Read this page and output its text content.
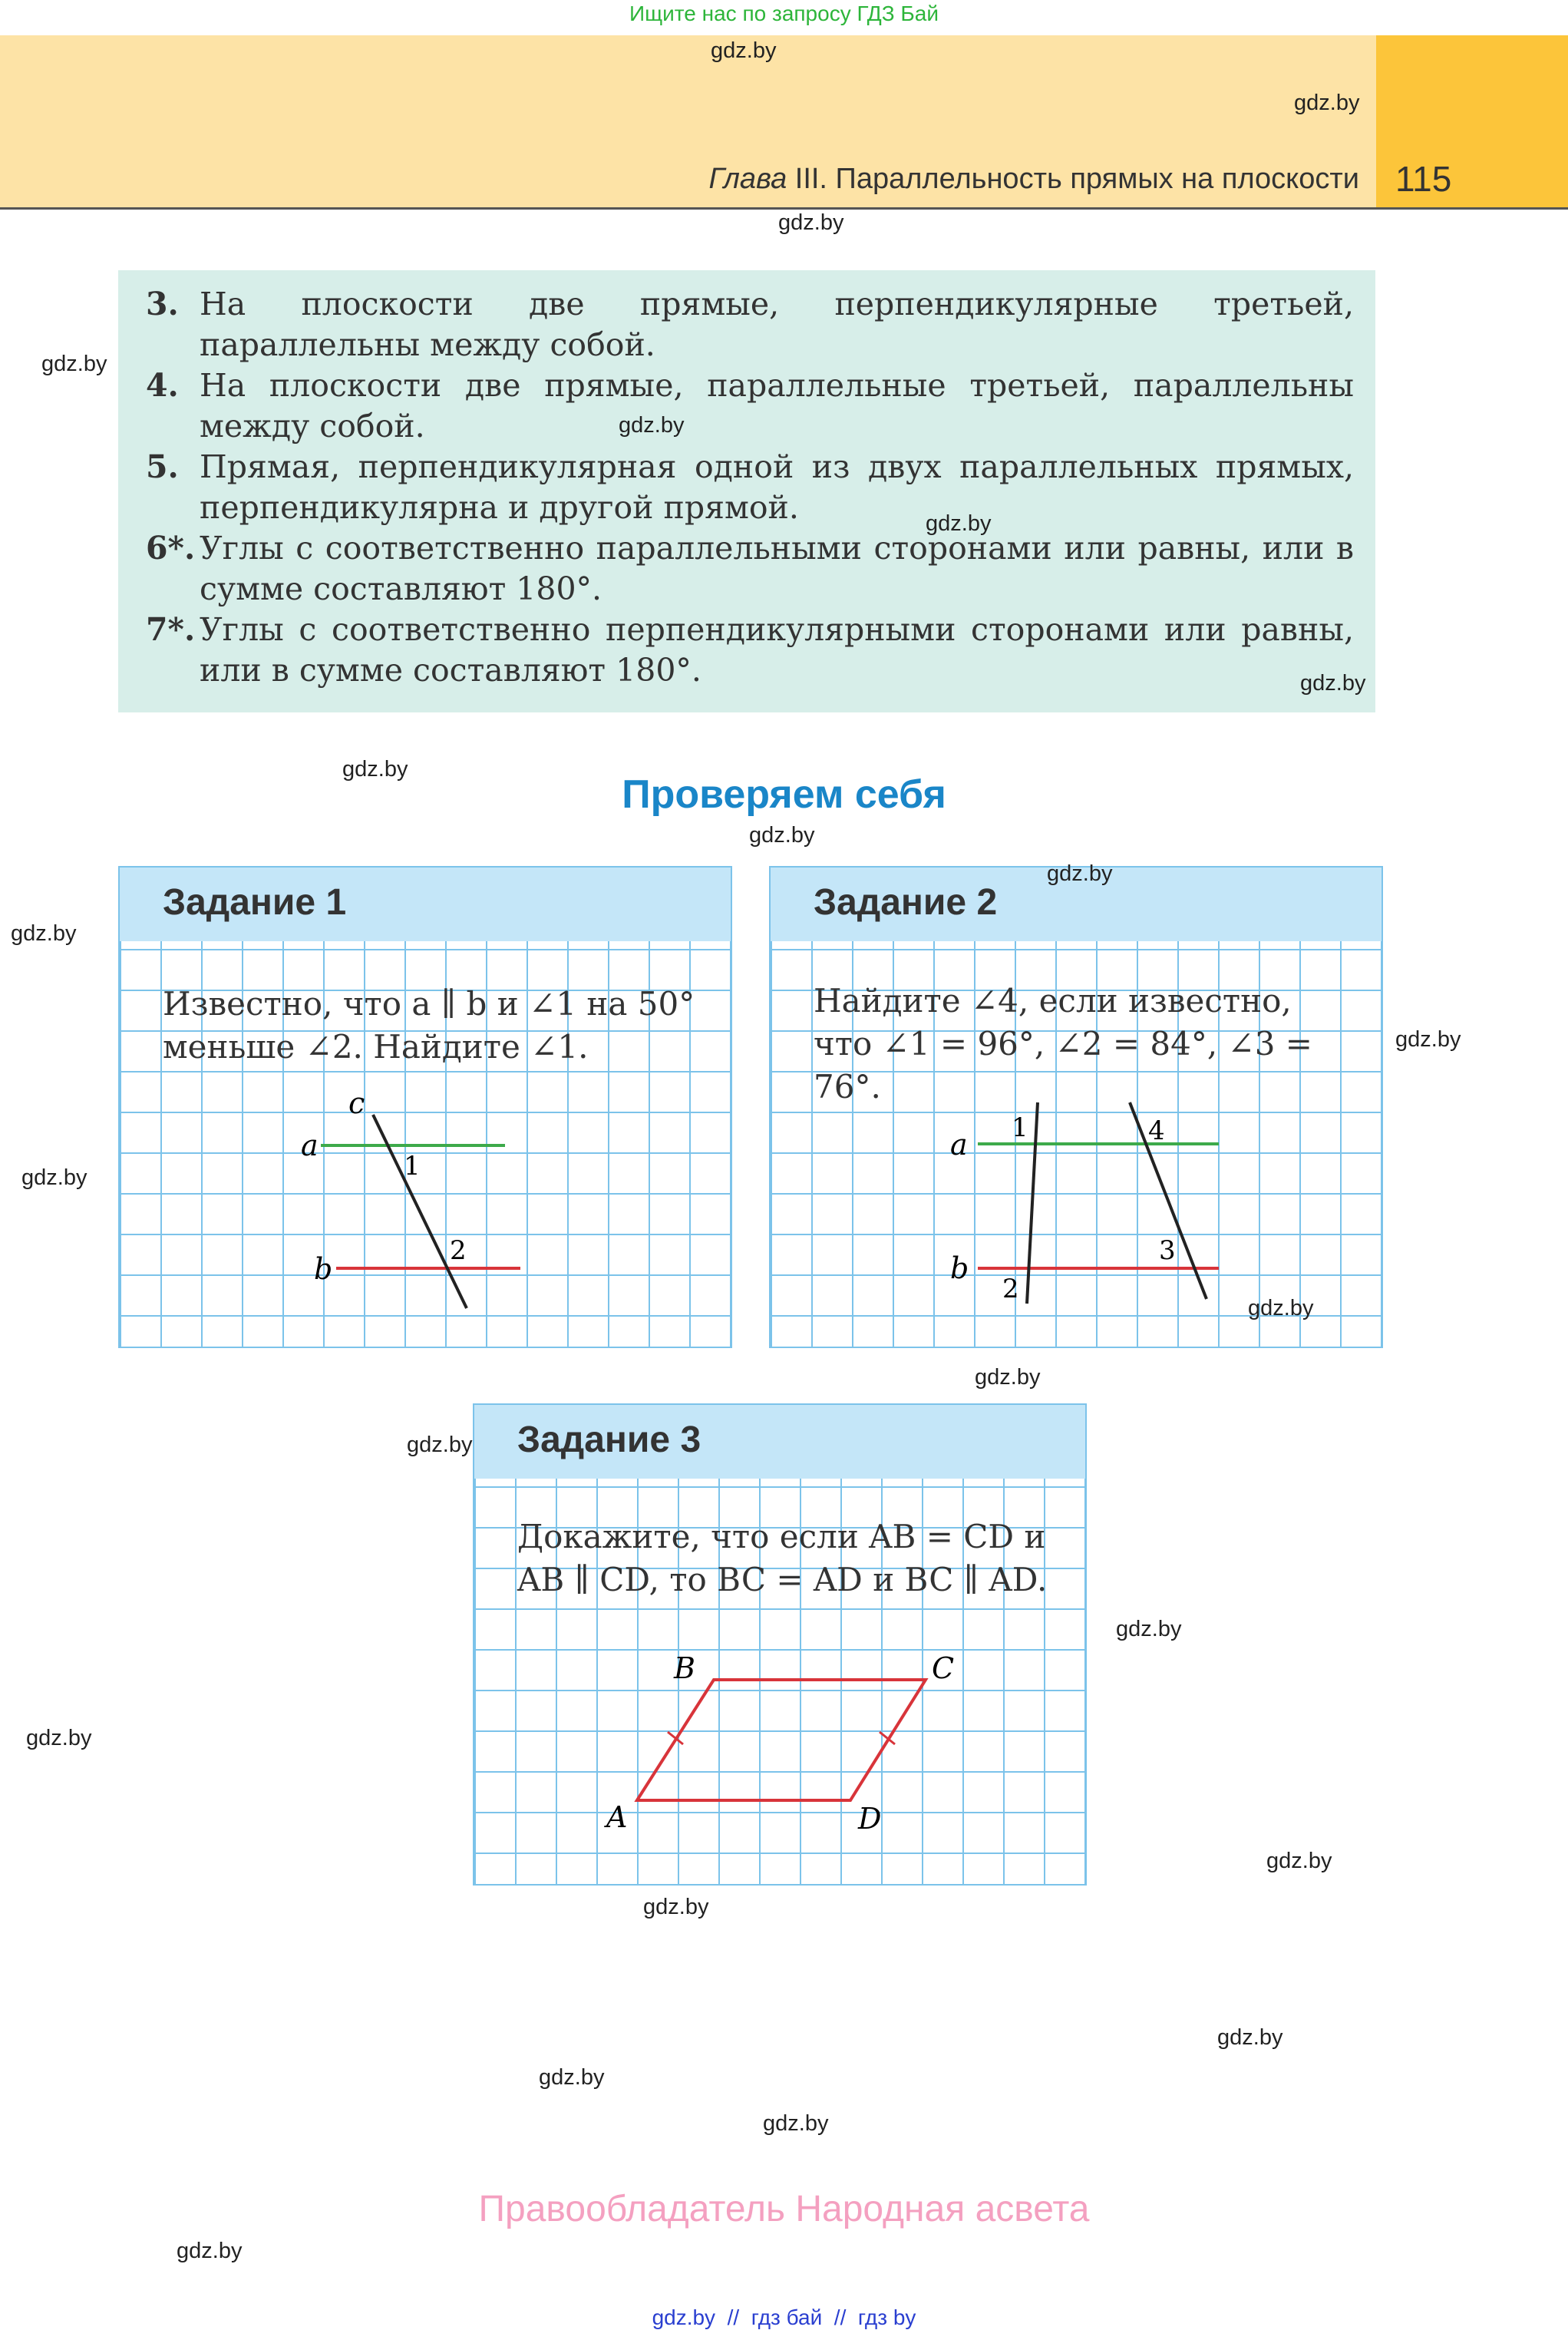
Ищите нас по запросу ГДЗ Бай
Глава III. Параллельность прямых на плоскости 115
3. На плоскости две прямые, перпендикулярные третьей, параллельны между собой.
4. На плоскости две прямые, параллельные третьей, параллельны между собой.
5. Прямая, перпендикулярная одной из двух параллельных прямых, перпендикулярна и другой прямой.
6*. Углы с соответственно параллельными сторонами или равны, или в сумме составляют 180°.
7*. Углы с соответственно перпендикулярными сторонами или равны, или в сумме составляют 180°.
Проверяем себя
Задание 1
Известно, что a ∥ b и ∠1 на 50° меньше ∠2. Найдите ∠1.
c
a
b
1
2
Задание 2
Найдите ∠4, если известно, что ∠1 = 96°, ∠2 = 84°, ∠3 = 76°.
a
b
1
2
3
4
Задание 3
Докажите, что если AB = CD и AB ∥ CD, то BC = AD и BC ∥ AD.
A
B	C
D
gdz.by
gdz.by
gdz.by
gdz.by
gdz.by
gdz.by
gdz.by
gdz.by
gdz.by
gdz.by
gdz.by
gdz.by
gdz.by
gdz.by
gdz.by
gdz.by
gdz.by
gdz.by
gdz.by
gdz.by
gdz.by
gdz.by
gdz.by
gdz.by
Правообладатель Народная асвета
gdz.by  //  гдз бай  //  гдз by
